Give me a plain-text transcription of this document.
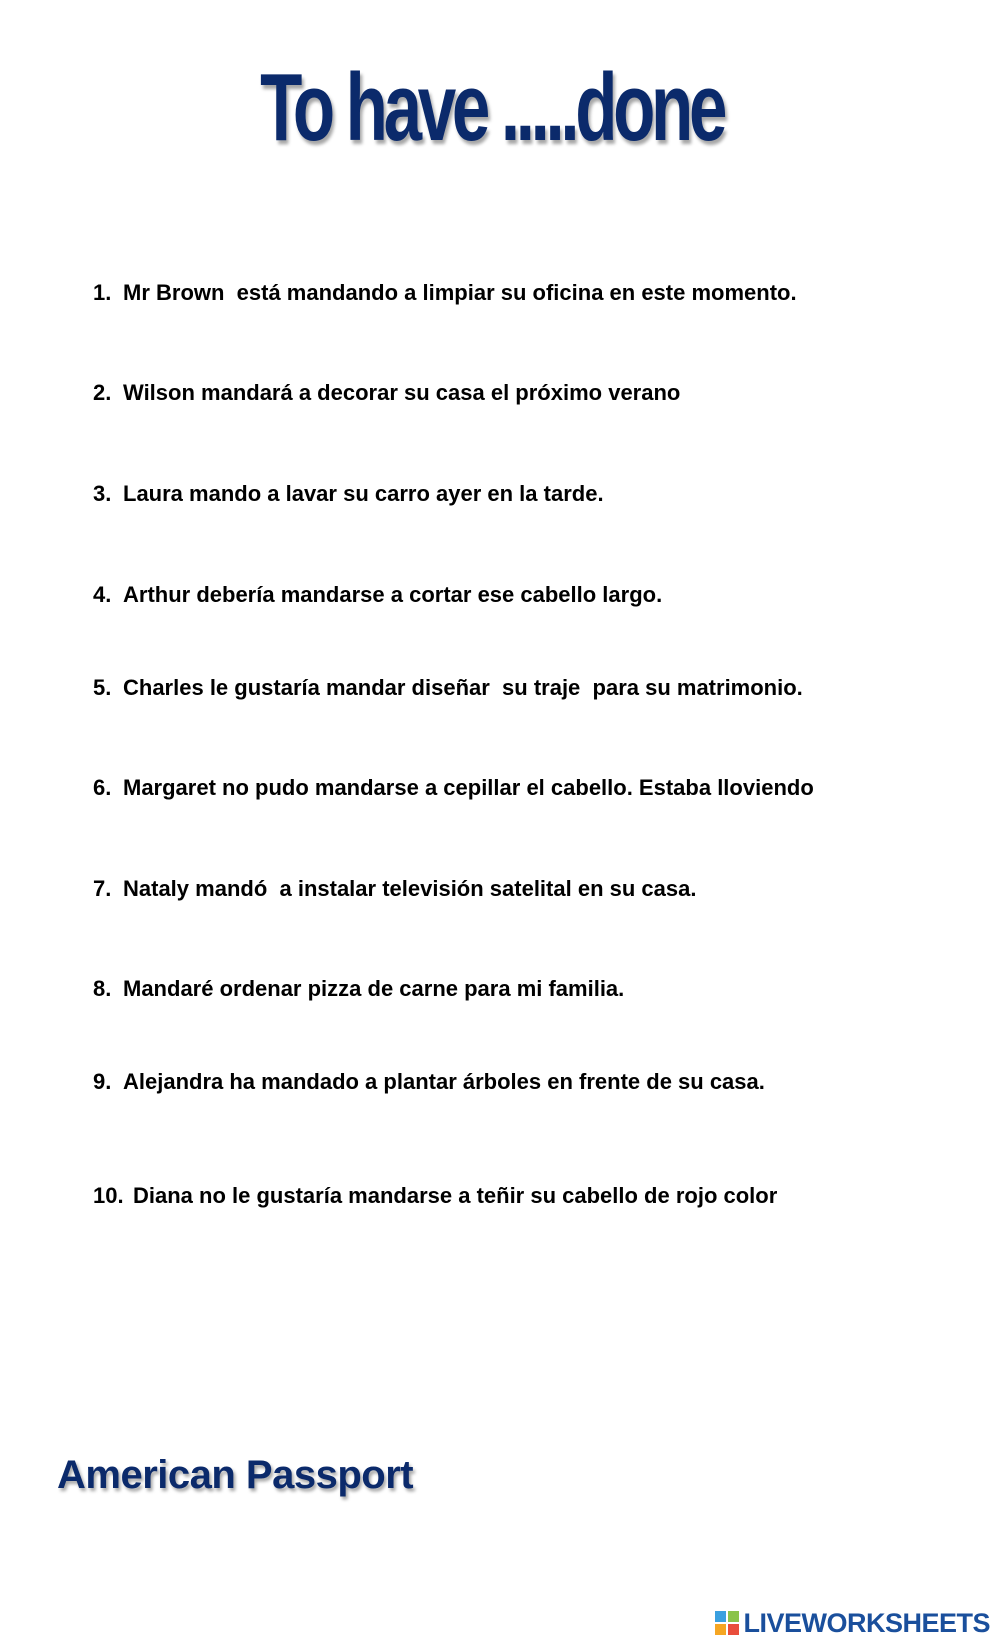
To have .....done
1. Mr Brown  está mandando a limpiar su oficina en este momento.
2. Wilson mandará a decorar su casa el próximo verano
3. Laura mando a lavar su carro ayer en la tarde.
4. Arthur debería mandarse a cortar ese cabello largo.
5. Charles le gustaría mandar diseñar  su traje  para su matrimonio.
6. Margaret no pudo mandarse a cepillar el cabello. Estaba lloviendo
7. Nataly mandó  a instalar televisión satelital en su casa.
8. Mandaré ordenar pizza de carne para mi familia.
9. Alejandra ha mandado a plantar árboles en frente de su casa.
10. Diana no le gustaría mandarse a teñir su cabello de rojo color
American Passport
LIVEWORKSHEETS
